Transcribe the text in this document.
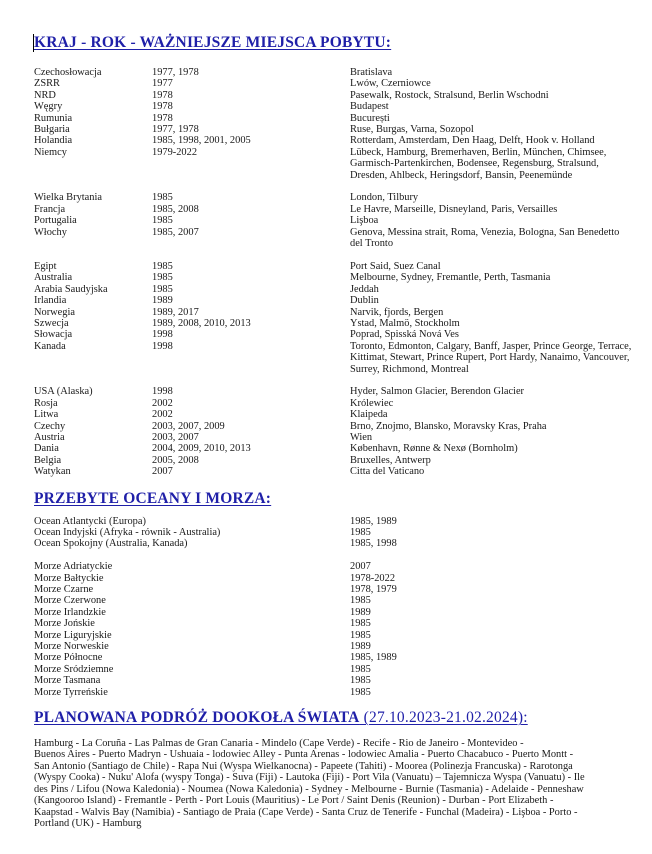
KRAJ - ROK - WAŻNIEJSZE MIEJSCA POBYTU:
Czechosłowacja	1977, 1978	Bratislava
ZSRR	1977	Lwów, Czerniowce
NRD	1978	Pasewalk, Rostock, Stralsund, Berlin Wschodni
Węgry	1978	Budapest
Rumunia	1978	București
Bułgaria	1977, 1978	Ruse, Burgas, Varna, Sozopol
Holandia	1985, 1998, 2001, 2005	Rotterdam, Amsterdam, Den Haag, Delft, Hook v. Holland
Niemcy	1979-2022	Lübeck, Hamburg, Bremerhaven, Berlin, München, Chimsee, Garmisch-Partenkirchen, Bodensee, Regensburg, Stralsund, Dresden, Ahlbeck, Heringsdorf, Bansin, Peenemünde
Wielka Brytania	1985	London, Tilbury
Francja	1985, 2008	Le Havre, Marseille, Disneyland, Paris, Versailles
Portugalia	1985	Lişboa
Włochy	1985, 2007	Genova, Messina strait, Roma, Venezia, Bologna, San Benedetto del Tronto
Egipt	1985	Port Said, Suez Canal
Australia	1985	Melbourne, Sydney, Fremantle, Perth, Tasmania
Arabia Saudyjska	1985	Jeddah
Irlandia	1989	Dublin
Norwegia	1989, 2017	Narvik, fjords, Bergen
Szwecja	1989, 2008, 2010, 2013	Ystad, Malmö, Stockholm
Słowacja	1998	Poprad, Spisská Nová Ves
Kanada	1998	Toronto, Edmonton, Calgary, Banff, Jasper, Prince George, Terrace, Kittimat, Stewart, Prince Rupert, Port Hardy, Nanaimo, Vancouver, Surrey, Richmond, Montreal
USA (Alaska)	1998	Hyder, Salmon Glacier, Berendon Glacier
Rosja	2002	Królewiec
Litwa	2002	Klaipeda
Czechy	2003, 2007, 2009	Brno, Znojmo, Blansko, Moravsky Kras, Praha
Austria	2003, 2007	Wien
Dania	2004, 2009, 2010, 2013	København, Rønne & Nexø (Bornholm)
Belgia	2005, 2008	Bruxelles, Antwerp
Watykan	2007	Citta del Vaticano
PRZEBYTE OCEANY I MORZA:
Ocean Atlantycki (Europa)	1985, 1989
Ocean Indyjski (Afryka - równik - Australia)	1985
Ocean Spokojny (Australia, Kanada)	1985, 1998
Morze Adriatyckie	2007
Morze Bałtyckie	1978-2022
Morze Czarne	1978, 1979
Morze Czerwone	1985
Morze Irlandzkie	1989
Morze Jońskie	1985
Morze Liguryjskie	1985
Morze Norweskie	1989
Morze Północne	1985, 1989
Morze Śródziemne	1985
Morze Tasmana	1985
Morze Tyrreńskie	1985
PLANOWANA PODRÓŻ DOOKOŁA ŚWIATA (27.10.2023-21.02.2024):
Hamburg - La Coruña - Las Palmas de Gran Canaria - Mindelo (Cape Verde) - Recife - Rio de Janeiro - Montevideo -
Buenos Aires - Puerto Madryn - Ushuaia - lodowiec Alley - Punta Arenas - lodowiec Amalia - Puerto Chacabuco - Puerto Montt -
San Antonio (Santiago de Chile) - Rapa Nui (Wyspa Wielkanocna) - Papeete (Tahiti) - Moorea (Polinezja Francuska) - Rarotonga
(Wyspy Cooka) - Nuku' Alofa (wyspy Tonga) - Suva (Fiji) - Lautoka (Fiji) - Port Vila (Vanuatu) – Tajemnicza Wyspa (Vanuatu) - Ile
des Pins / Lifou (Nowa Kaledonia) - Noumea (Nowa Kaledonia) - Sydney - Melbourne - Burnie (Tasmania) - Adelaide - Penneshaw
(Kangooroo Island) - Fremantle - Perth - Port Louis (Mauritius) - Le Port / Saint Denis (Reunion) - Durban - Port Elizabeth -
Kaapstad - Walvis Bay (Namibia) - Santiago de Praia (Cape Verde) - Santa Cruz de Tenerife - Funchal (Madeira) - Lişboa - Porto -
Portland (UK) - Hamburg
